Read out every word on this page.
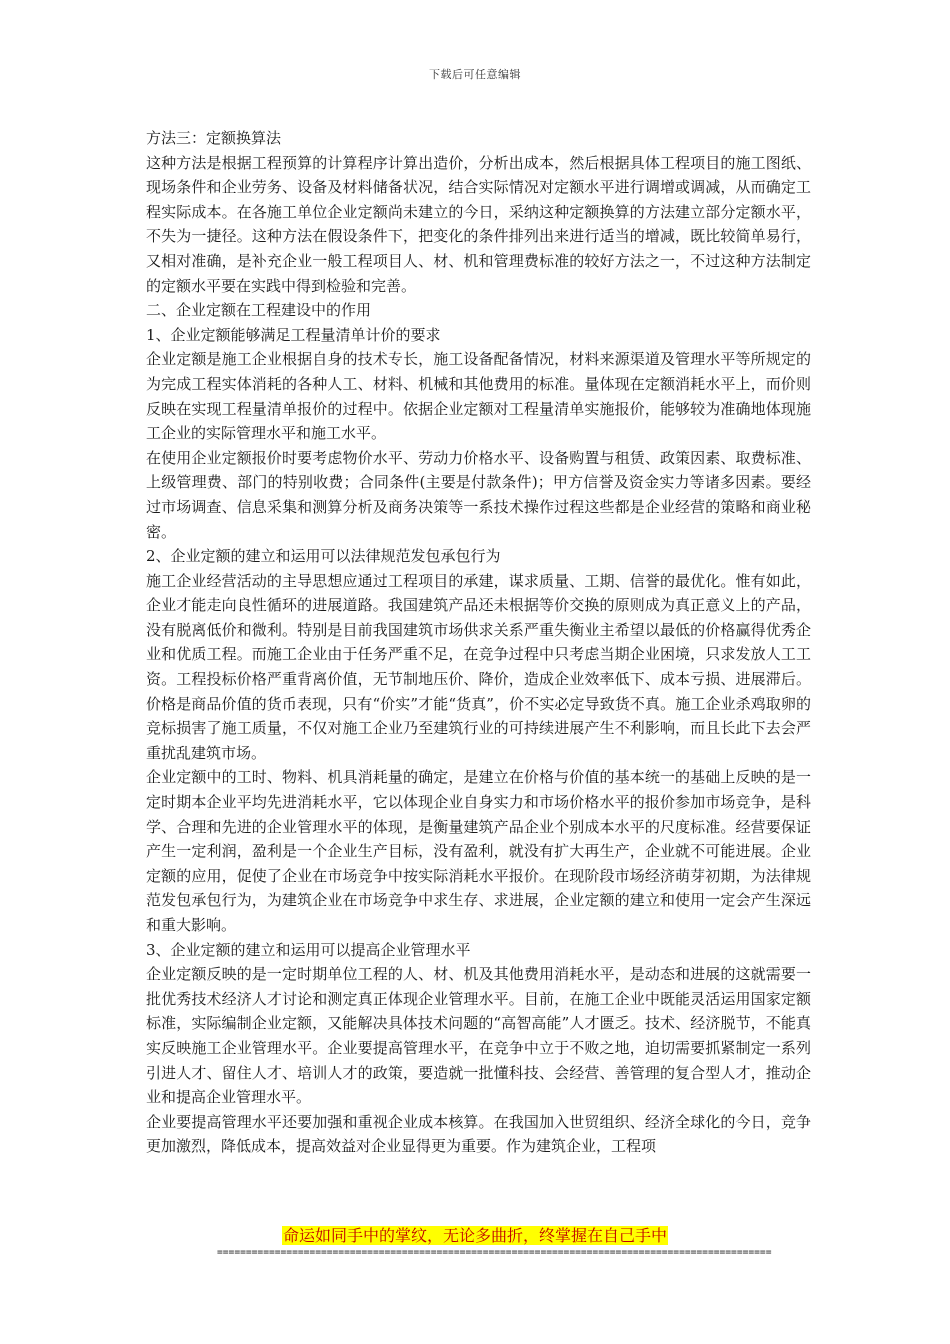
下载后可任意编辑

方法三：定额换算法

这种方法是根据工程预算的计算程序计算出造价，分析出成本，然后根据具体工程项目的施工图纸、现场条件和企业劳务、设备及材料储备状况，结合实际情况对定额水平进行调增或调减，从而确定工程实际成本。在各施工单位企业定额尚未建立的今日，采纳这种定额换算的方法建立部分定额水平，不失为一捷径。这种方法在假设条件下，把变化的条件排列出来进行适当的增减，既比较简单易行，又相对准确，是补充企业一般工程项目人、材、机和管理费标准的较好方法之一，不过这种方法制定的定额水平要在实践中得到检验和完善。

二、企业定额在工程建设中的作用

1、企业定额能够满足工程量清单计价的要求

企业定额是施工企业根据自身的技术专长，施工设备配备情况，材料来源渠道及管理水平等所规定的为完成工程实体消耗的各种人工、材料、机械和其他费用的标准。量体现在定额消耗水平上，而价则反映在实现工程量清单报价的过程中。依据企业定额对工程量清单实施报价，能够较为准确地体现施工企业的实际管理水平和施工水平。

在使用企业定额报价时要考虑物价水平、劳动力价格水平、设备购置与租赁、政策因素、取费标准、上级管理费、部门的特别收费；合同条件(主要是付款条件)；甲方信誉及资金实力等诸多因素。要经过市场调查、信息采集和测算分析及商务决策等一系技术操作过程这些都是企业经营的策略和商业秘密。

2、企业定额的建立和运用可以法律规范发包承包行为

施工企业经营活动的主导思想应通过工程项目的承建，谋求质量、工期、信誉的最优化。惟有如此，企业才能走向良性循环的进展道路。我国建筑产品还未根据等价交换的原则成为真正意义上的产品，没有脱离低价和微利。特别是目前我国建筑市场供求关系严重失衡业主希望以最低的价格赢得优秀企业和优质工程。而施工企业由于任务严重不足，在竞争过程中只考虑当期企业困境，只求发放人工工资。工程投标价格严重背离价值，无节制地压价、降价，造成企业效率低下、成本亏损、进展滞后。价格是商品价值的货币表现，只有“价实”才能“货真”，价不实必定导致货不真。施工企业杀鸡取卵的竞标损害了施工质量，不仅对施工企业乃至建筑行业的可持续进展产生不利影响，而且长此下去会严重扰乱建筑市场。

企业定额中的工时、物料、机具消耗量的确定，是建立在价格与价值的基本统一的基础上反映的是一定时期本企业平均先进消耗水平，它以体现企业自身实力和市场价格水平的报价参加市场竞争，是科学、合理和先进的企业管理水平的体现，是衡量建筑产品企业个别成本水平的尺度标准。经营要保证产生一定利润，盈利是一个企业生产目标，没有盈利，就没有扩大再生产，企业就不可能进展。企业定额的应用，促使了企业在市场竞争中按实际消耗水平报价。在现阶段市场经济萌芽初期，为法律规范发包承包行为，为建筑企业在市场竞争中求生存、求进展，企业定额的建立和使用一定会产生深远和重大影响。

3、企业定额的建立和运用可以提高企业管理水平

企业定额反映的是一定时期单位工程的人、材、机及其他费用消耗水平，是动态和进展的这就需要一批优秀技术经济人才讨论和测定真正体现企业管理水平。目前，在施工企业中既能灵活运用国家定额标准，实际编制企业定额，又能解决具体技术问题的“高智高能”人才匮乏。技术、经济脱节，不能真实反映施工企业管理水平。企业要提高管理水平，在竞争中立于不败之地，迫切需要抓紧制定一系列引进人才、留住人才、培训人才的政策，要造就一批懂科技、会经营、善管理的复合型人才，推动企业和提高企业管理水平。

企业要提高管理水平还要加强和重视企业成本核算。在我国加入世贸组织、经济全球化的今日，竞争更加激烈，降低成本，提高效益对企业显得更为重要。作为建筑企业，工程项

命运如同手中的掌纹，无论多曲折，终掌握在自己手中
================================================================================================
